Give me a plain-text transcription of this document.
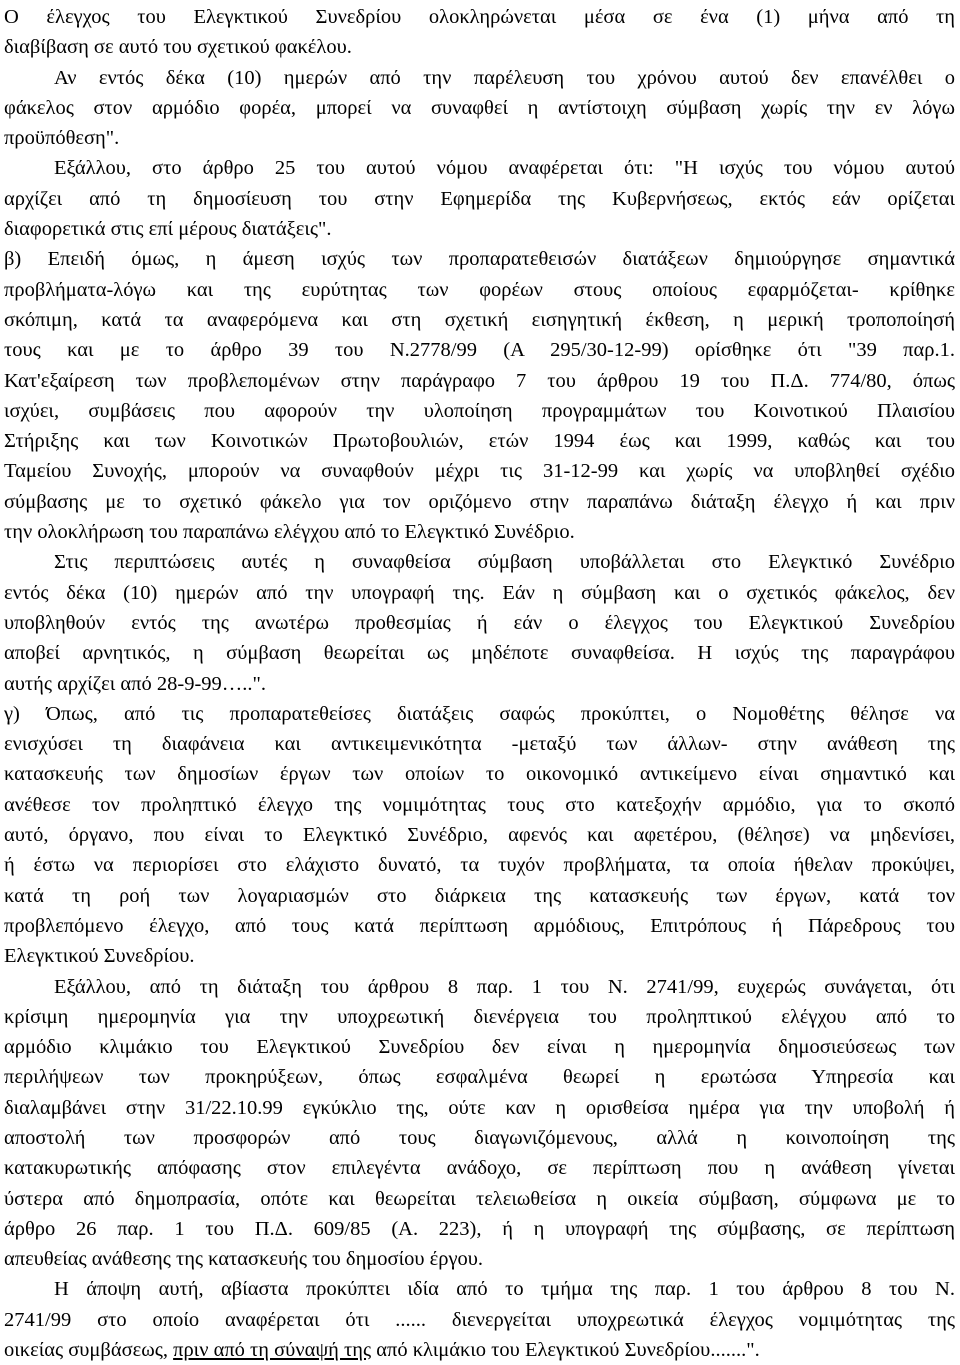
Ο έλεγχος του Ελεγκτικού Συνεδρίου ολοκληρώνεται μέσα σε ένα (1) μήνα από τη
διαβίβαση σε αυτό του σχετικού φακέλου.
Αν εντός δέκα (10) ημερών από την παρέλευση του χρόνου αυτού δεν επανέλθει ο
φάκελος στον αρμόδιο φορέα, μπορεί να συναφθεί η αντίστοιχη σύμβαση χωρίς την εν λόγω
προϋπόθεση".
Εξάλλου, στο άρθρο 25 του αυτού νόμου αναφέρεται ότι: "Η ισχύς του νόμου αυτού
αρχίζει από τη δημοσίευση του στην Εφημερίδα της Κυβερνήσεως, εκτός εάν ορίζεται
διαφορετικά στις επί μέρους διατάξεις".
β) Επειδή όμως, η άμεση ισχύς των προπαρατεθεισών διατάξεων δημιούργησε σημαντικά
προβλήματα-λόγω και της ευρύτητας των φορέων στους οποίους εφαρμόζεται- κρίθηκε
σκόπιμη, κατά τα αναφερόμενα και στη σχετική εισηγητική έκθεση, η μερική τροποποίησή
τους και με το άρθρο 39 του Ν.2778/99 (Α 295/30-12-99) ορίσθηκε ότι "39 παρ.1.
Κατ'εξαίρεση των προβλεπομένων στην παράγραφο 7 του άρθρου 19 του Π.Δ. 774/80, όπως
ισχύει, συμβάσεις που αφορούν την υλοποίηση προγραμμάτων του Κοινοτικού Πλαισίου
Στήριξης και των Κοινοτικών Πρωτοβουλιών, ετών 1994 έως και 1999, καθώς και του
Ταμείου Συνοχής, μπορούν να συναφθούν μέχρι τις 31-12-99 και χωρίς να υποβληθεί σχέδιο
σύμβασης με το σχετικό φάκελο για τον οριζόμενο στην παραπάνω διάταξη έλεγχο ή και πριν
την ολοκλήρωση του παραπάνω ελέγχου από το Ελεγκτικό Συνέδριο.
Στις περιπτώσεις αυτές η συναφθείσα σύμβαση υποβάλλεται στο Ελεγκτικό Συνέδριο
εντός δέκα (10) ημερών από την υπογραφή της. Εάν η σύμβαση και ο σχετικός φάκελος, δεν
υποβληθούν εντός της ανωτέρω προθεσμίας ή εάν ο έλεγχος του Ελεγκτικού Συνεδρίου
αποβεί αρνητικός, η σύμβαση θεωρείται ως μηδέποτε συναφθείσα. Η ισχύς της παραγράφου
αυτής αρχίζει από 28-9-99…..".
γ) Όπως, από τις προπαρατεθείσες διατάξεις σαφώς προκύπτει, ο Νομοθέτης θέλησε να
ενισχύσει τη διαφάνεια και αντικειμενικότητα -μεταξύ των άλλων- στην ανάθεση της
κατασκευής των δημοσίων έργων των οποίων το οικονομικό αντικείμενο είναι σημαντικό και
ανέθεσε τον προληπτικό έλεγχο της νομιμότητας τους στο κατεξοχήν αρμόδιο, για το σκοπό
αυτό, όργανο, που είναι το Ελεγκτικό Συνέδριο, αφενός και αφετέρου, (θέλησε) να μηδενίσει,
ή έστω να περιορίσει στο ελάχιστο δυνατό, τα τυχόν προβλήματα, τα οποία ήθελαν προκύψει,
κατά τη ροή των λογαριασμών στο διάρκεια της κατασκευής των έργων, κατά τον
προβλεπόμενο έλεγχο, από τους κατά περίπτωση αρμόδιους, Επιτρόπους ή Πάρεδρους του
Ελεγκτικού Συνεδρίου.
Εξάλλου, από τη διάταξη του άρθρου 8 παρ. 1 του Ν. 2741/99, ευχερώς συνάγεται, ότι
κρίσιμη ημερομηνία για την υποχρεωτική διενέργεια του προληπτικού ελέγχου από το
αρμόδιο κλιμάκιο του Ελεγκτικού Συνεδρίου δεν είναι η ημερομηνία δημοσιεύσεως των
περιλήψεων των προκηρύξεων, όπως εσφαλμένα θεωρεί η ερωτώσα Υπηρεσία και
διαλαμβάνει στην 31/22.10.99 εγκύκλιο της, ούτε καν η ορισθείσα ημέρα για την υποβολή ή
αποστολή των προσφορών από τους διαγωνιζόμενους, αλλά η κοινοποίηση της
κατακυρωτικής απόφασης στον επιλεγέντα ανάδοχο, σε περίπτωση που η ανάθεση γίνεται
ύστερα από δημοπρασία, οπότε και θεωρείται τελειωθείσα η οικεία σύμβαση, σύμφωνα με το
άρθρο 26 παρ. 1 του Π.Δ. 609/85 (Α. 223), ή η υπογραφή της σύμβασης, σε περίπτωση
απευθείας ανάθεσης της κατασκευής του δημοσίου έργου.
Η άποψη αυτή, αβίαστα προκύπτει ιδία από το τμήμα της παρ. 1 του άρθρου 8 του Ν.
2741/99 στο οποίο αναφέρεται ότι ...... διενεργείται υποχρεωτικά έλεγχος νομιμότητας της
οικείας συμβάσεως, πριν από τη σύναψή της από κλιμάκιο του Ελεγκτικού Συνεδρίου.......".
